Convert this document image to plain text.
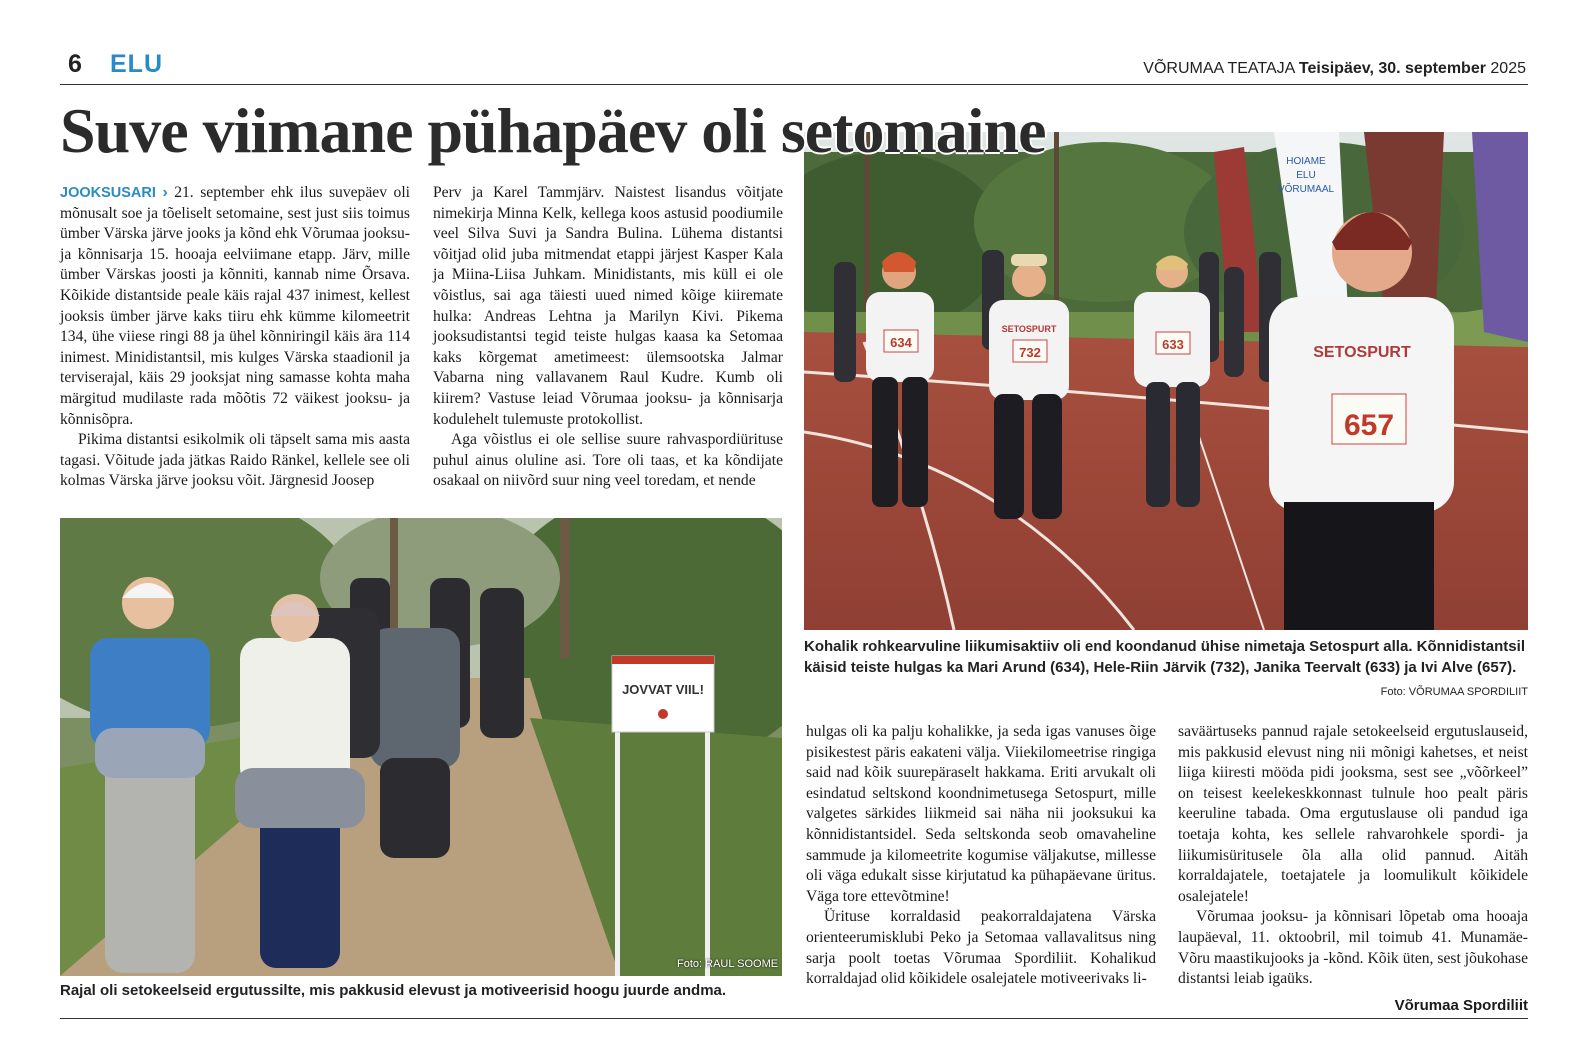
6 ELU	VÕRUMAA TEATAJA Teisipäev, 30. september 2025
HOIAME
ELU
VÕRUMAAL
634
SETOSPURT
732
633	SETOSPURT
657
Suve viimane pühapäev oli setomaine

JOOKSUSARI › 21. september ehk ilus suvepäev oli mõnusalt soe ja tõeliselt setomaine, sest just siis toimus ümber Värska järve jooks ja kõnd ehk Võrumaa jooksu- ja kõnnisarja 15. hooaja eelviimane etapp. Järv, mille ümber Värskas joosti ja kõnniti, kannab nime Õrsava. Kõikide distantside peale käis rajal 437 inimest, kellest jooksis ümber järve kaks tiiru ehk kümme kilomeetrit 134, ühe viiese ringi 88 ja ühel kõnniringil käis ära 114 inimest. Minidistantsil, mis kulges Värska staadionil ja terviserajal, käis 29 jooksjat ning samasse kohta maha märgitud mudilaste rada mõõtis 72 väikest jooksu- ja kõnnisõpra.

Pikima distantsi esikolmik oli täpselt sama mis aasta tagasi. Võitude jada jätkas Raido Ränkel, kellele see oli kolmas Värska järve jooksu võit. Järgnesid Joosep

Perv ja Karel Tammjärv. Naistest lisandus võitjate nimekirja Minna Kelk, kellega koos astusid poodiumile veel Silva Suvi ja Sandra Bulina. Lühema distantsi võitjad olid juba mitmendat etappi järjest Kasper Kala ja Miina-Liisa Juhkam. Minidistants, mis küll ei ole võistlus, sai aga täiesti uued nimed kõige kiiremate hulka: Andreas Lehtna ja Marilyn Kivi. Pikema jooksudistantsi tegid teiste hulgas kaasa ka Setomaa kaks kõrgemat ametimeest: ülemsootska Jalmar Vabarna ning vallavanem Raul Kudre. Kumb oli kiirem? Vastuse leiad Võrumaa jooksu- ja kõnnisarja kodulehelt tulemuste protokollist.

Aga võistlus ei ole sellise suure rahvaspordiürituse puhul ainus oluline asi. Tore oli taas, et ka kõndijate osakaal on niivõrd suur ning veel toredam, et nende

Kohalik rohkearvuline liikumisaktiiv oli end koondanud ühise nimetaja Setospurt alla. Kõnnidistantsil käisid teiste hulgas ka Mari Arund (634), Hele-Riin Järvik (732), Janika Teervalt (633) ja Ivi Alve (657).
Foto: VÕRUMAA SPORDILIIT
JOVVAT VIIL!
Foto: RAUL SOOME
Rajal oli setokeelseid ergutussilte, mis pakkusid elevust ja motiveerisid hoogu juurde andma.

hulgas oli ka palju kohalikke, ja seda igas vanuses õige pisikestest päris eakateni välja. Viiekilomeetrise ringiga said nad kõik suurepäraselt hakkama. Eriti arvukalt oli esindatud seltskond koondnimetusega Setospurt, mille valgetes särkides liikmeid sai näha nii jooksukui ka kõnnidistantsidel. Seda seltskonda seob omavaheline sammude ja kilomeetrite kogumise väljakutse, millesse oli väga edukalt sisse kirjutatud ka pühapäevane üritus. Väga tore ettevõtmine!

Ürituse korraldasid peakorraldajatena Värska orienteerumisklubi Peko ja Setomaa vallavalitsus ning sarja poolt toetas Võrumaa Spordiliit. Kohalikud korraldajad olid kõikidele osalejatele motiveerivaks li-

saväärtuseks pannud rajale setokeelseid ergutuslauseid, mis pakkusid elevust ning nii mõnigi kahetses, et neist liiga kiiresti mööda pidi jooksma, sest see „võõrkeel” on teisest keelekeskkonnast tulnule hoo pealt päris keeruline tabada. Oma ergutuslause oli pandud iga toetaja kohta, kes sellele rahvarohkele spordi- ja liikumisüritusele õla alla olid pannud. Aitäh korraldajatele, toetajatele ja loomulikult kõikidele osalejatele!

Võrumaa jooksu- ja kõnnisari lõpetab oma hooaja laupäeval, 11. oktoobril, mil toimub 41. Munamäe-Võru maastikujooks ja -kõnd. Kõik üten, sest jõukohase distantsi leiab igaüks.

Võrumaa Spordiliit
